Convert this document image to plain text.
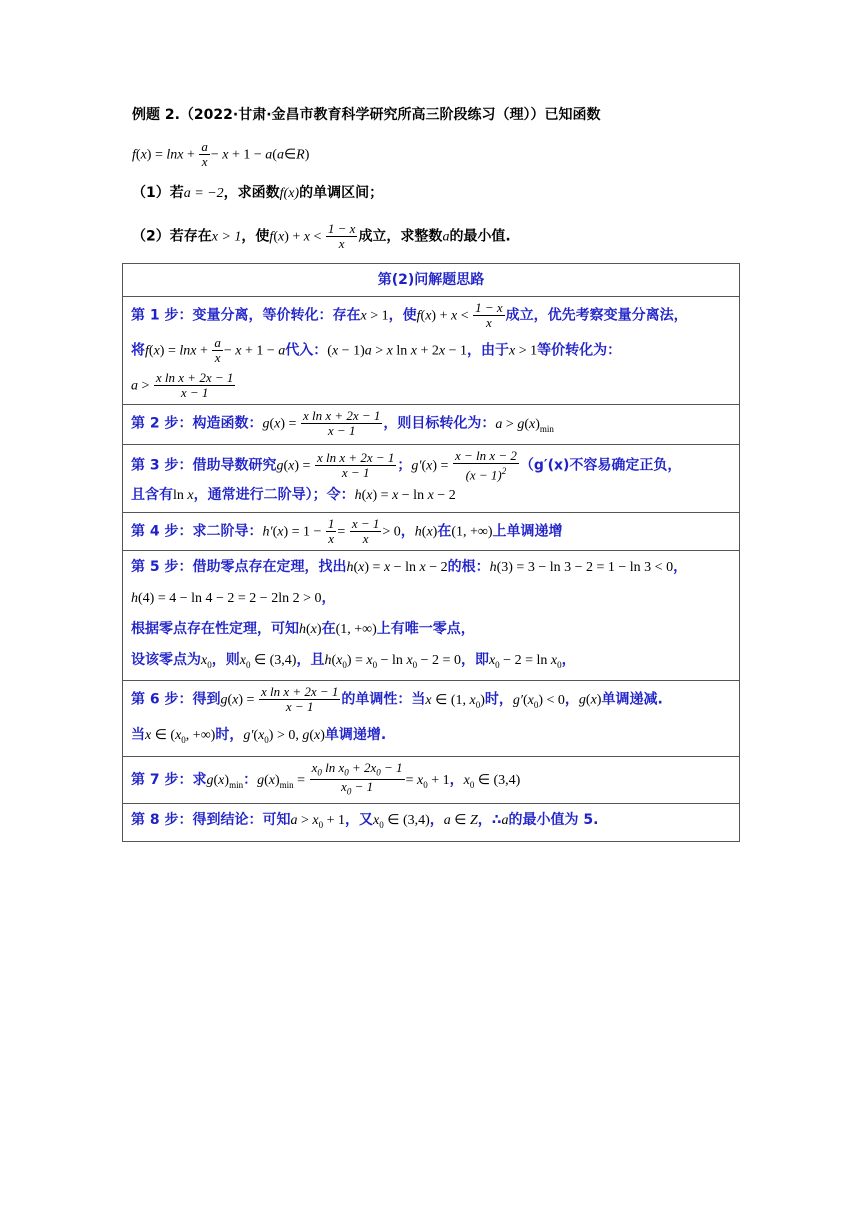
例题 2.（2022·甘肃·金昌市教育科学研究所高三阶段练习（理））已知函数
$f(x) = \ln x + \frac{a}{x} - x + 1$ − a(a∈R)
（1）若a = −2，求函数f(x)的单调区间；
（2）若存在x > 1，使$f(x) + x < \frac{1 - x}{x}$ 成立，求整数a的最小值.
第(2)问解题思路

第 1 步：变量分离，等价转化：存在x > 1，使$f(x) + x < \frac{1 - x}{x}$ 成立，优先考察变量分离法，
将$f(x) = \ln x + \frac{a}{x} - x + 1 - a$代入：(x − 1)a > x ln x + 2x − 1，由于x > 1等价转化为：
$a > \frac{\text{x ln x + 2x − 1}}{x - 1}$

第 2 步：构造函数：$g(x) = \frac{\text{x ln x + 2x − 1}}{x - 1}$ ，则目标转化为：$a > g(x)_{min}$

第 3 步：借助导数研究$g(x) = \frac{\text{x ln x + 2x − 1}}{x - 1}$ ；$g'(x) = \frac{\text{x − ln x − 2}}{(x - 1)^2} (g'(x)$不容易确定正负，
且含有ln x，通常进行二阶导）；令：h(x) = x − ln x − 2

第 4 步：求二阶导：$h'(x) = 1 - \frac{1}{x} = \frac{x - 1}{x} > 0$，h(x)在(1, +∞)上单调递增

第 5 步：借助零点存在定理，找出h(x) = x − ln x − 2的根：h(3) = 3 − ln 3 − 2 = 1 − ln 3 < 0，
h(4) = 4 − ln 4 − 2 = 2 − 2ln 2 > 0，
根据零点存在性定理，可知h(x)在(1, +∞)上有唯一零点，
设该零点为$x_0$，则$x_0$ ∈ (3,4)，且$h(x_0) = x_0 - \ln x_0 - 2 = 0$，即$x_0 - 2 = \ln x_0$，

第 6 步：得到$g(x) = \frac{\text{x ln x + 2x − 1}}{x - 1}$ 的单调性：当x ∈ (1, $x_0$)时，$g'(x_0) < 0$，g(x)单调递减.
当x ∈ ($x_0$, +∞)时，$g'(x_0) > 0$, g(x)单调递增.

第 7 步：求$g(x)_{min}$：$g(x)_{min} = \frac{x_0 \ln x_0 + 2x_0 - 1}{x_0 - 1} = x_0 + 1$，$x_0$ ∈ (3,4)

第 8 步：得到结论：可知$a > x_0 + 1$，又$x_0$ ∈ (3,4)，a ∈ Z，∴a的最小值为 5.
